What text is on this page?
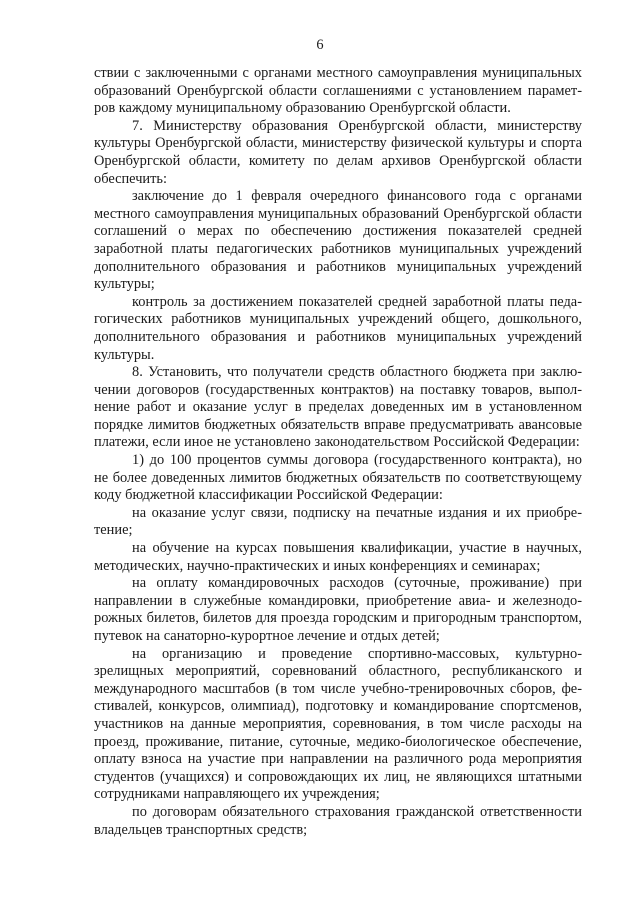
6

ствии с заключенными с органами местного самоуправления муниципальных образований Оренбургской области соглашениями с установлением параметров каждому муниципальному образованию Оренбургской области.

7. Министерству образования Оренбургской области, министерству культуры Оренбургской области, министерству физической культуры и спорта Оренбургской области, комитету по делам архивов Оренбургской области обеспечить:

заключение до 1 февраля очередного финансового года с органами местного самоуправления муниципальных образований Оренбургской области соглашений о мерах по обеспечению достижения показателей средней заработной платы педагогических работников муниципальных учреждений дополнительного образования и работников муниципальных учреждений культуры;

контроль за достижением показателей средней заработной платы педагогических работников муниципальных учреждений общего, дошкольного, дополнительного образования и работников муниципальных учреждений культуры.

8. Установить, что получатели средств областного бюджета при заключении договоров (государственных контрактов) на поставку товаров, выполнение работ и оказание услуг в пределах доведенных им в установленном порядке лимитов бюджетных обязательств вправе предусматривать авансовые платежи, если иное не установлено законодательством Российской Федерации:

1) до 100 процентов суммы договора (государственного контракта), но не более доведенных лимитов бюджетных обязательств по соответствующему коду бюджетной классификации Российской Федерации:

на оказание услуг связи, подписку на печатные издания и их приобретение;

на обучение на курсах повышения квалификации, участие в научных, методических, научно-практических и иных конференциях и семинарах;

на оплату командировочных расходов (суточные, проживание) при направлении в служебные командировки, приобретение авиа- и железнодорожных билетов, билетов для проезда городским и пригородным транспортом, путевок на санаторно-курортное лечение и отдых детей;

на организацию и проведение спортивно-массовых, культурно-зрелищных мероприятий, соревнований областного, республиканского и международного масштабов (в том числе учебно-тренировочных сборов, фестивалей, конкурсов, олимпиад), подготовку и командирование спортсменов, участников на данные мероприятия, соревнования, в том числе расходы на проезд, проживание, питание, суточные, медико-биологическое обеспечение, оплату взноса на участие при направлении на различного рода мероприятия студентов (учащихся) и сопровождающих их лиц, не являющихся штатными сотрудниками направляющего их учреждения;

по договорам обязательного страхования гражданской ответственности владельцев транспортных средств;
